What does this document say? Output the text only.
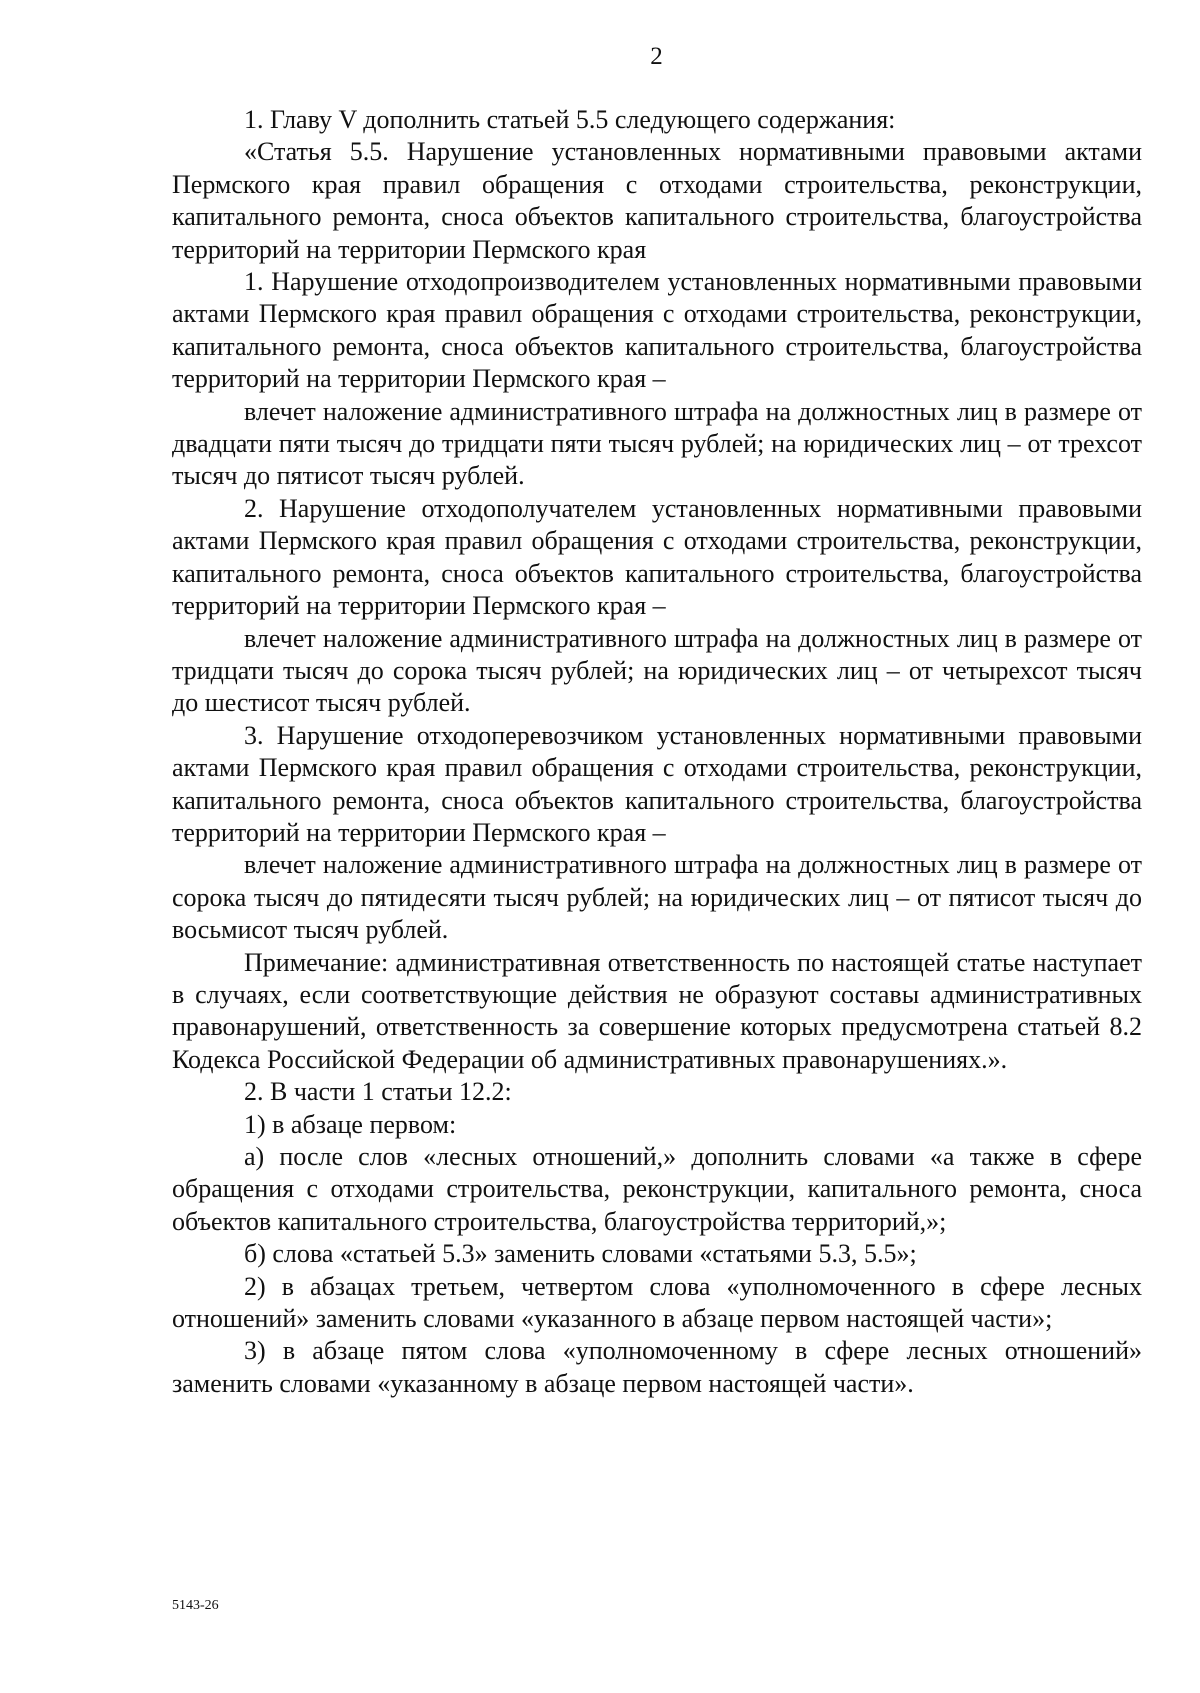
2

1. Главу V дополнить статьей 5.5 следующего содержания:

«Статья 5.5. Нарушение установленных нормативными правовыми актами Пермского края правил обращения с отходами строительства, реконструкции, капитального ремонта, сноса объектов капитального строительства, благоустройства территорий на территории Пермского края

1. Нарушение отходопроизводителем установленных нормативными правовыми актами Пермского края правил обращения с отходами строительства, реконструкции, капитального ремонта, сноса объектов капитального строительства, благоустройства территорий на территории Пермского края –

влечет наложение административного штрафа на должностных лиц в размере от двадцати пяти тысяч до тридцати пяти тысяч рублей; на юридических лиц – от трехсот тысяч до пятисот тысяч рублей.

2. Нарушение отходополучателем установленных нормативными правовыми актами Пермского края правил обращения с отходами строительства, реконструкции, капитального ремонта, сноса объектов капитального строительства, благоустройства территорий на территории Пермского края –

влечет наложение административного штрафа на должностных лиц в размере от тридцати тысяч до сорока тысяч рублей; на юридических лиц – от четырехсот тысяч до шестисот тысяч рублей.

3. Нарушение отходоперевозчиком установленных нормативными правовыми актами Пермского края правил обращения с отходами строительства, реконструкции, капитального ремонта, сноса объектов капитального строительства, благоустройства территорий на территории Пермского края –

влечет наложение административного штрафа на должностных лиц в размере от сорока тысяч до пятидесяти тысяч рублей; на юридических лиц – от пятисот тысяч до восьмисот тысяч рублей.

Примечание: административная ответственность по настоящей статье наступает в случаях, если соответствующие действия не образуют составы административных правонарушений, ответственность за совершение которых предусмотрена статьей 8.2 Кодекса Российской Федерации об административных правонарушениях.».

2. В части 1 статьи 12.2:

1) в абзаце первом:

а) после слов «лесных отношений,» дополнить словами «а также в сфере обращения с отходами строительства, реконструкции, капитального ремонта, сноса объектов капитального строительства, благоустройства территорий,»;

б) слова «статьей 5.3» заменить словами «статьями 5.3, 5.5»;

2) в абзацах третьем, четвертом слова «уполномоченного в сфере лесных отношений» заменить словами «указанного в абзаце первом настоящей части»;

3) в абзаце пятом слова «уполномоченному в сфере лесных отношений» заменить словами «указанному в абзаце первом настоящей части».

5143-26
